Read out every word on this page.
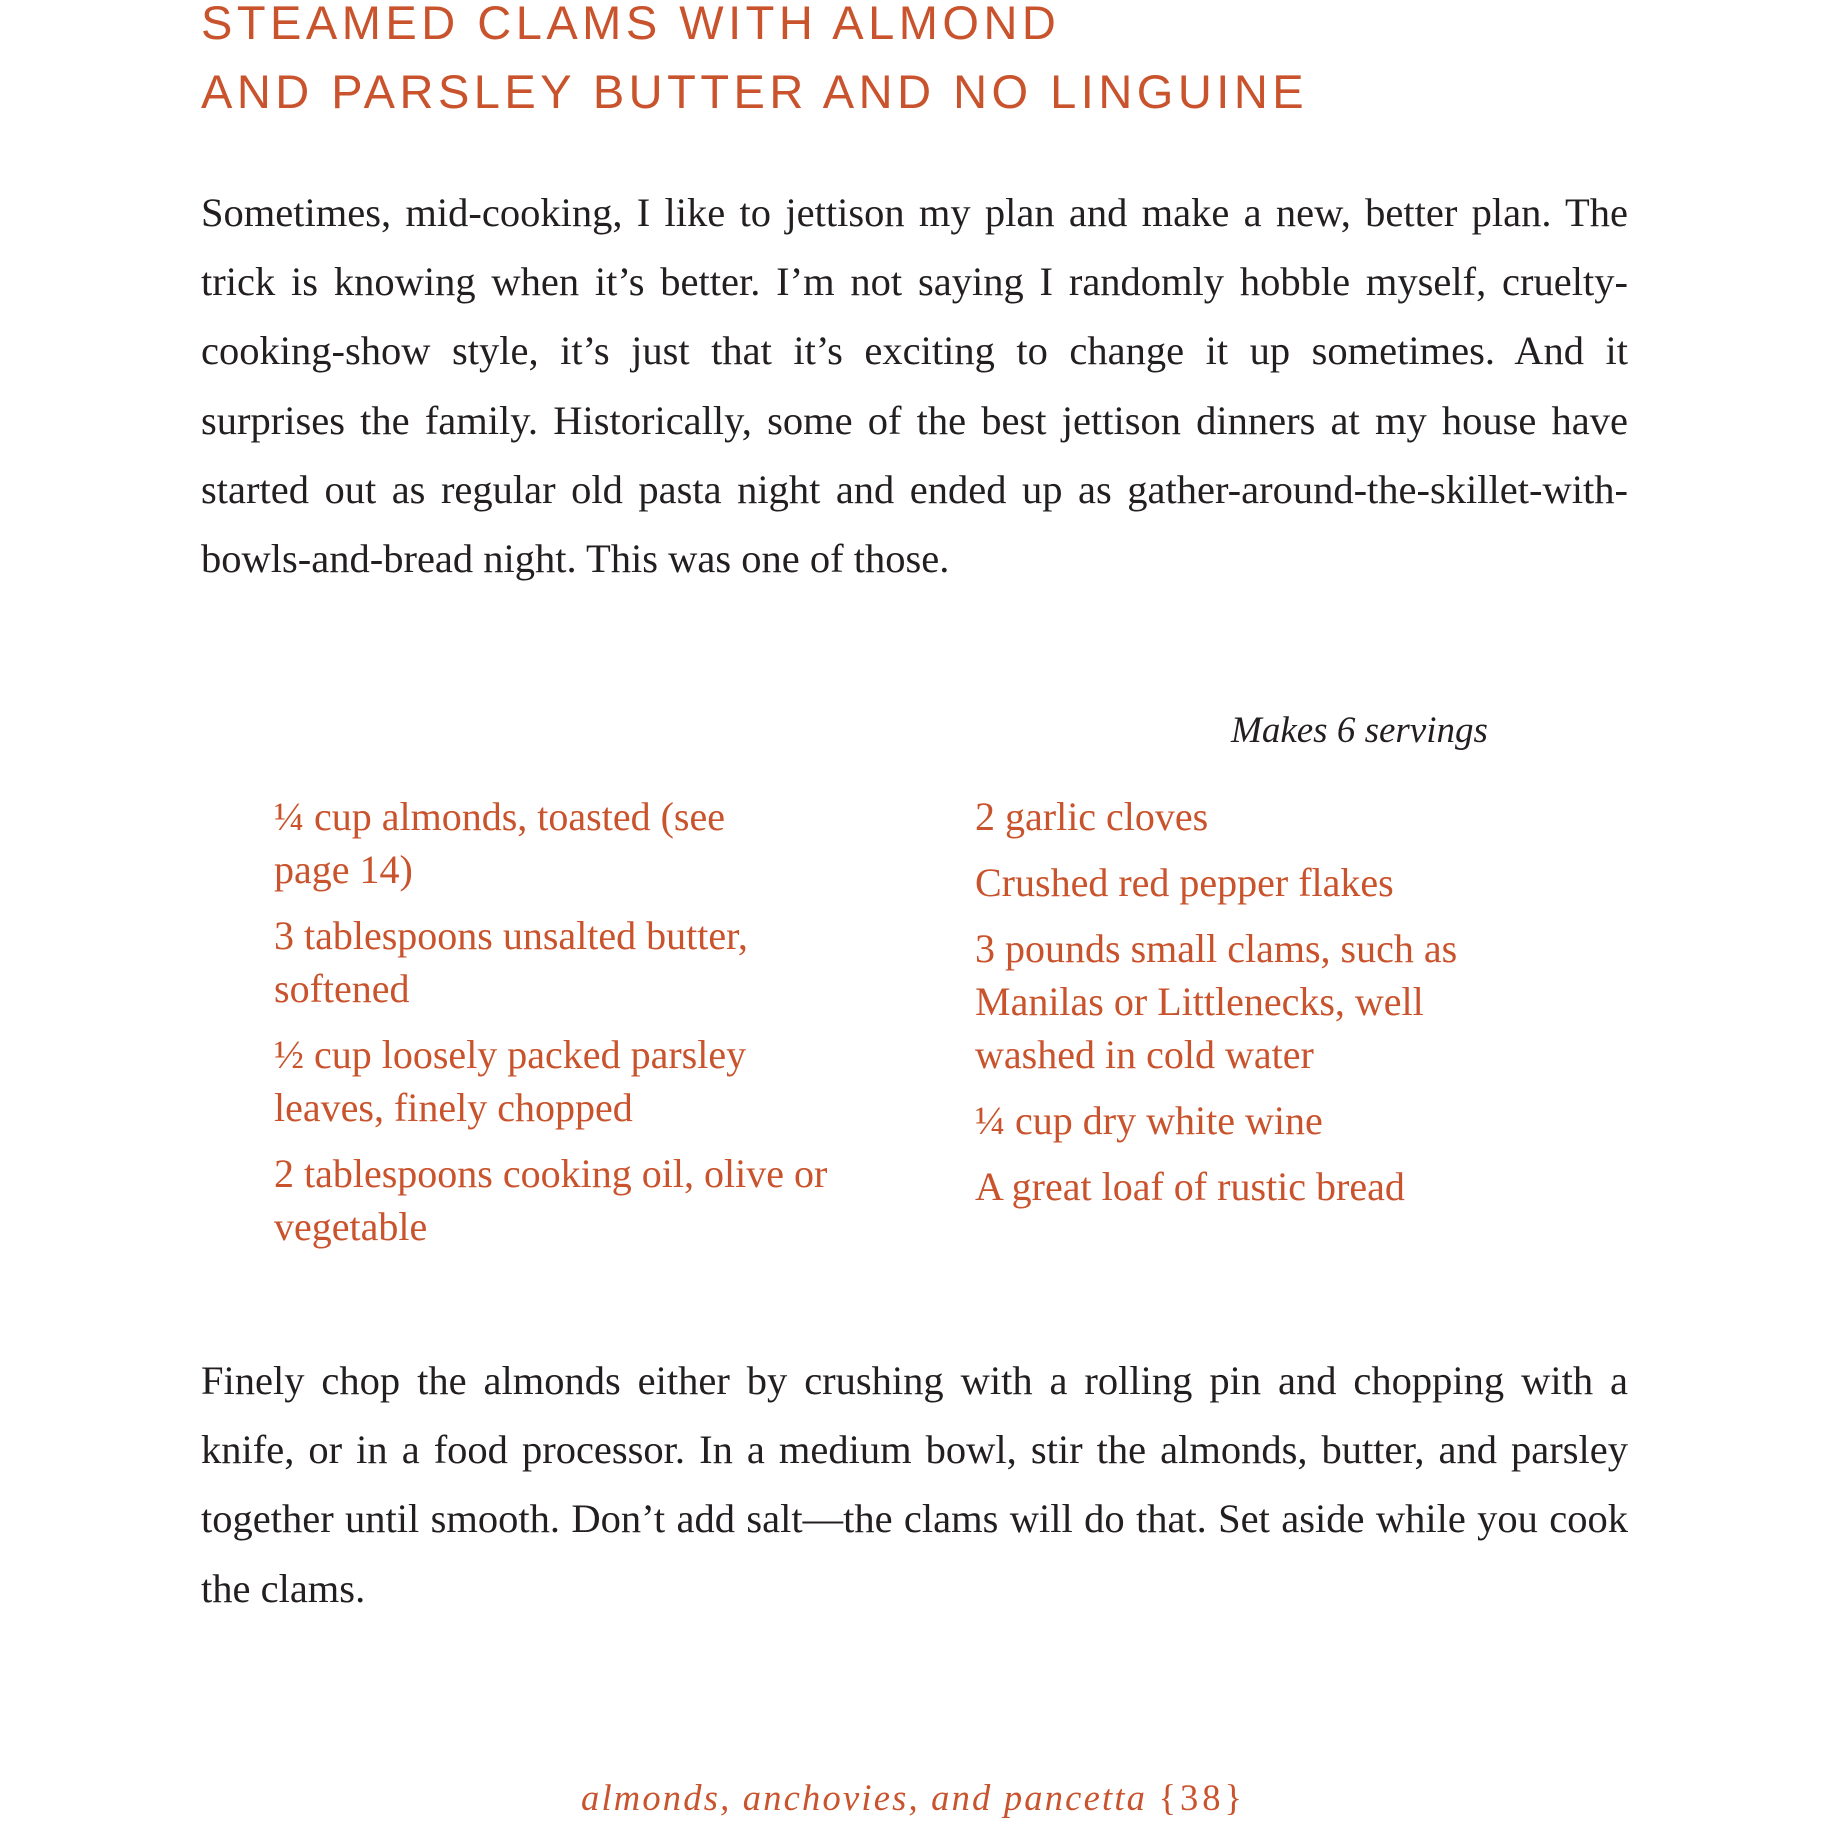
STEAMED CLAMS WITH ALMOND
AND PARSLEY BUTTER AND NO LINGUINE

Sometimes, mid-cooking, I like to jettison my plan and make a new, better plan. The trick is knowing when it’s better. I’m not saying I randomly hobble myself, cruelty-cooking-show style, it’s just that it’s exciting to change it up sometimes. And it surprises the family. Historically, some of the best jettison dinners at my house have started out as regular old pasta night and ended up as gather-around-the-skillet-with-bowls-and-bread night. This was one of those.

Makes 6 servings

¼ cup almonds, toasted (see
page 14)
3 tablespoons unsalted butter,
softened
½ cup loosely packed parsley
leaves, finely chopped
2 tablespoons cooking oil, olive or
vegetable
2 garlic cloves
Crushed red pepper flakes
3 pounds small clams, such as
Manilas or Littlenecks, well
washed in cold water
¼ cup dry white wine
A great loaf of rustic bread

Finely chop the almonds either by crushing with a rolling pin and chopping with a knife, or in a food processor. In a medium bowl, stir the almonds, butter, and parsley together until smooth. Don’t add salt—the clams will do that. Set aside while you cook the clams.

almonds, anchovies, and pancetta {38}
